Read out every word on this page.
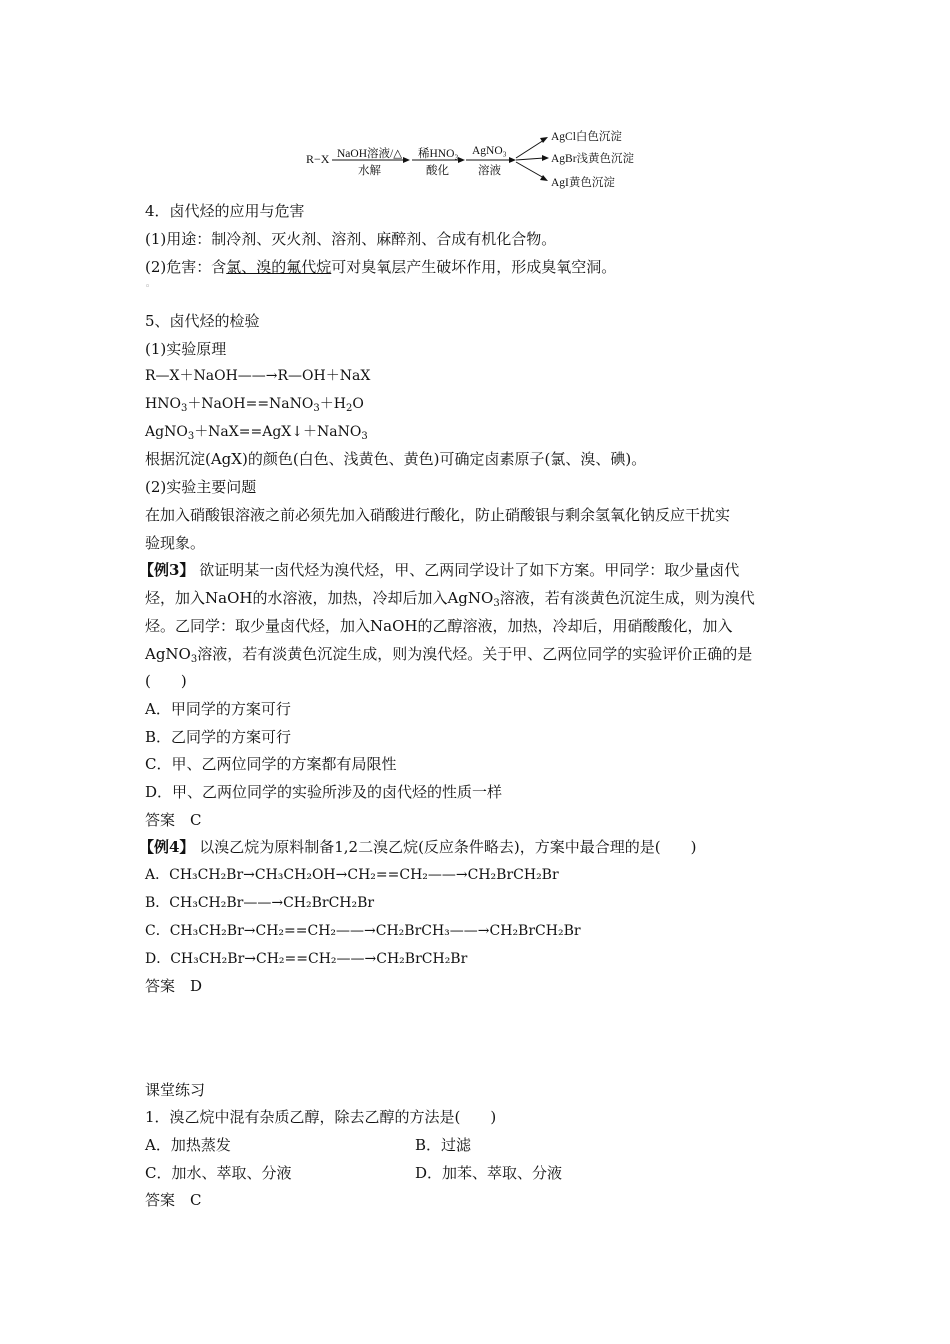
R−X NaOH溶液/△
水解
稀HNO₃
酸化
AgNO₃
溶液
AgCl白色沉淀
AgBr浅黄色沉淀
AgI黄色沉淀
4．卤代烃的应用与危害
(1)用途：制冷剂、灭火剂、溶剂、麻醉剂、合成有机化合物。
(2)危害：含氯、溴的氟代烷可对臭氧层产生破坏作用，形成臭氧空洞。
◦
5、卤代烃的检验
(1)实验原理
R—X＋NaOH——→R—OH＋NaX
$HNO_3+NaOH==NaNO_3+H_2O$
AgNO$_3$＋NaX==AgX↓＋NaNO$_3$
根据沉淀(AgX)的颜色(白色、浅黄色、黄色)可确定卤素原子(氯、溴、碘)。
(2)实验主要问题
在加入硝酸银溶液之前必须先加入硝酸进行酸化，防止硝酸银与剩余氢氧化钠反应干扰实
验现象。
【例3】 欲证明某一卤代烃为溴代烃，甲、乙两同学设计了如下方案。甲同学：取少量卤代
烃，加入NaOH的水溶液，加热，冷却后加入AgNO$_3$溶液，若有淡黄色沉淀生成，则为溴代
烃。乙同学：取少量卤代烃，加入NaOH的乙醇溶液，加热，冷却后，用硝酸酸化，加入
AgNO$_3$溶液，若有淡黄色沉淀生成，则为溴代烃。关于甲、乙两位同学的实验评价正确的是
(　　)
A．甲同学的方案可行
B．乙同学的方案可行
C．甲、乙两位同学的方案都有局限性
D．甲、乙两位同学的实验所涉及的卤代烃的性质一样
答案　C
【例4】 以溴乙烷为原料制备1,2二溴乙烷(反应条件略去)，方案中最合理的是(　　)
A．CH₃CH₂Br→CH₃CH₂OH→CH₂==CH₂——→CH₂BrCH₂Br
B．CH₃CH₂Br——→CH₂BrCH₂Br
C．CH₃CH₂Br→CH₂==CH₂——→CH₂BrCH₃——→CH₂BrCH₂Br
D．CH₃CH₂Br→CH₂==CH₂——→CH₂BrCH₂Br
答案　D
课堂练习
1．溴乙烷中混有杂质乙醇，除去乙醇的方法是(　　)
A．加热蒸发	B．过滤
C．加水、萃取、分液	D．加苯、萃取、分液
答案　C
